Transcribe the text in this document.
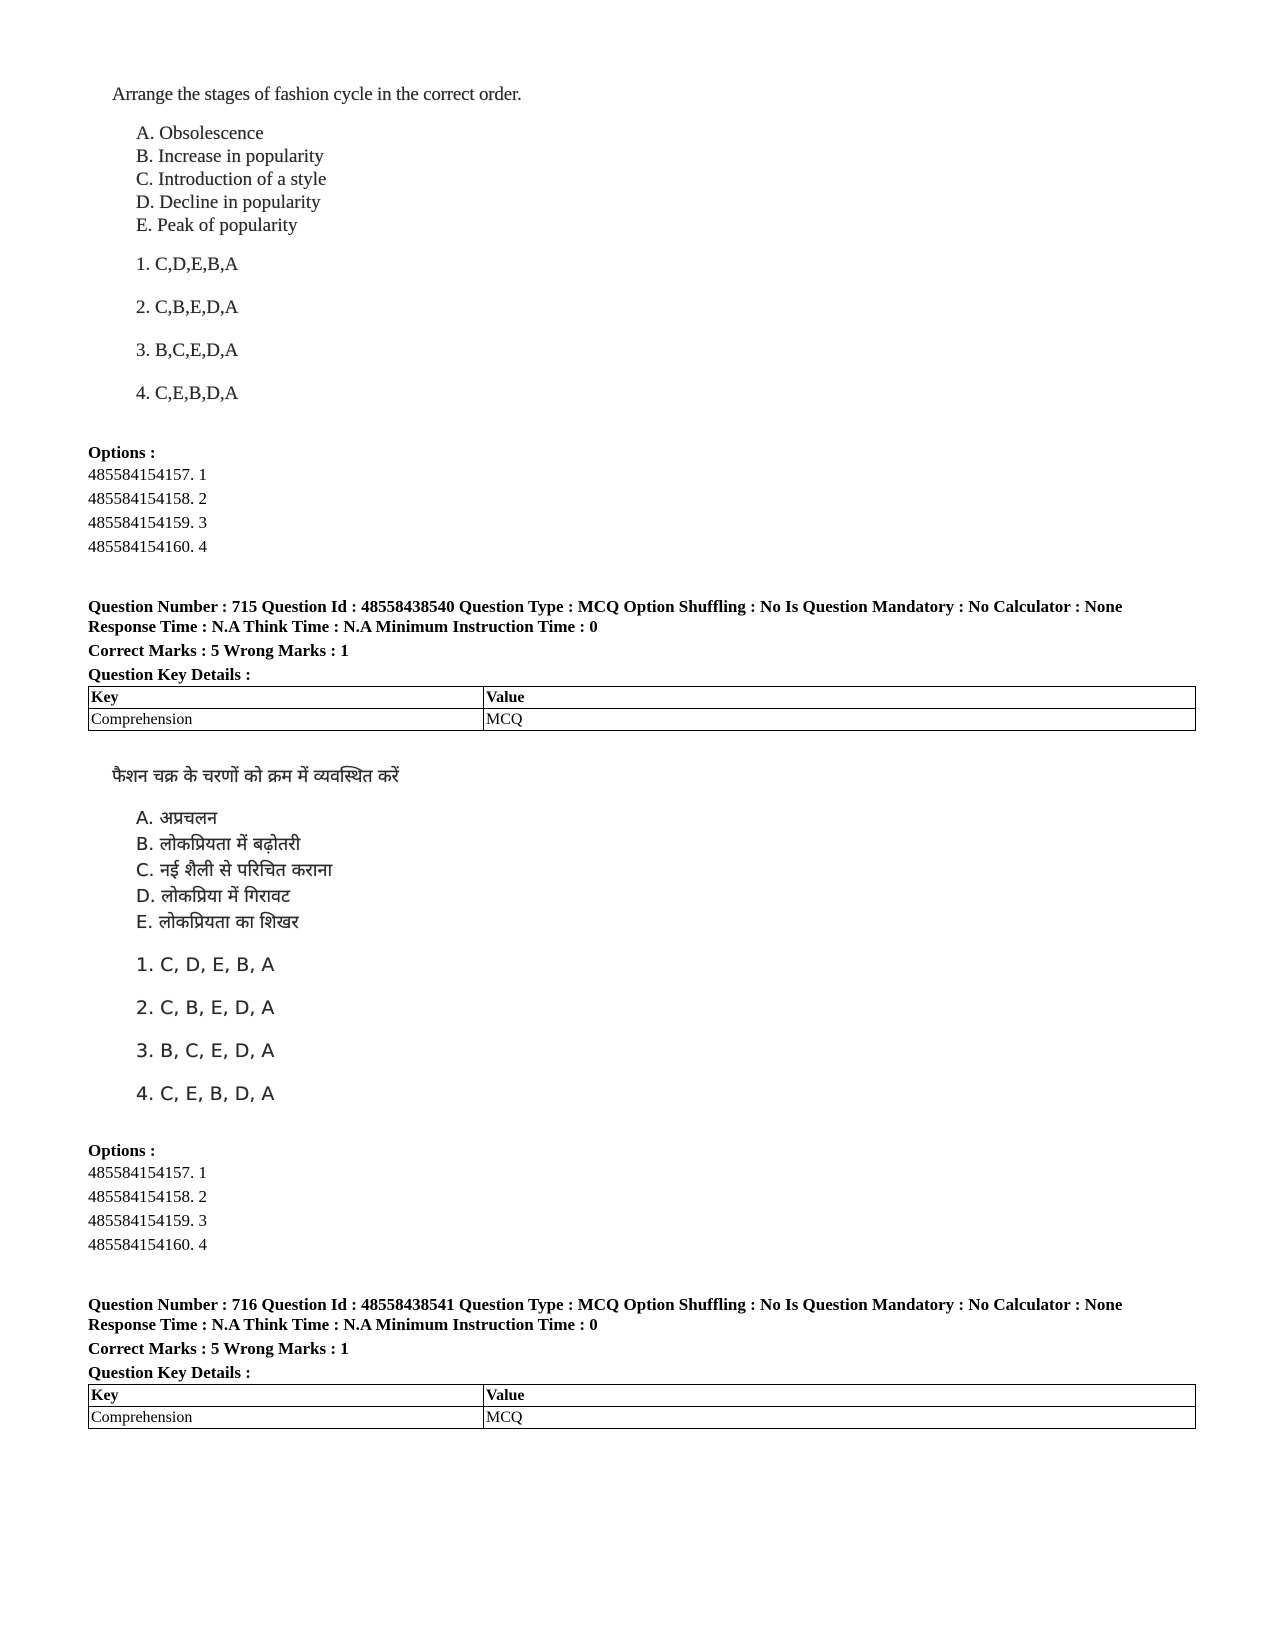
Arrange the stages of fashion cycle in the correct order.
A. Obsolescence
B. Increase in popularity
C. Introduction of a style
D. Decline in popularity
E. Peak of popularity
1. C,D,E,B,A
2. C,B,E,D,A
3. B,C,E,D,A
4. C,E,B,D,A
Options :
485584154157. 1
485584154158. 2
485584154159. 3
485584154160. 4
Question Number : 715 Question Id : 48558438540 Question Type : MCQ Option Shuffling : No Is Question Mandatory : No Calculator : None
Response Time : N.A Think Time : N.A Minimum Instruction Time : 0
Correct Marks : 5 Wrong Marks : 1
Question Key Details :
Key	Value
Comprehension	MCQ
फैशन चक्र के चरणों को क्रम में व्यवस्थित करें
A. अप्रचलन
B. लोकप्रियता में बढ़ोतरी
C. नई शैली से परिचित कराना
D. लोकप्रिया में गिरावट
E. लोकप्रियता का शिखर
1. C, D, E, B, A
2. C, B, E, D, A
3. B, C, E, D, A
4. C, E, B, D, A
Options :
485584154157. 1
485584154158. 2
485584154159. 3
485584154160. 4
Question Number : 716 Question Id : 48558438541 Question Type : MCQ Option Shuffling : No Is Question Mandatory : No Calculator : None
Response Time : N.A Think Time : N.A Minimum Instruction Time : 0
Correct Marks : 5 Wrong Marks : 1
Question Key Details :
Key	Value
Comprehension	MCQ
